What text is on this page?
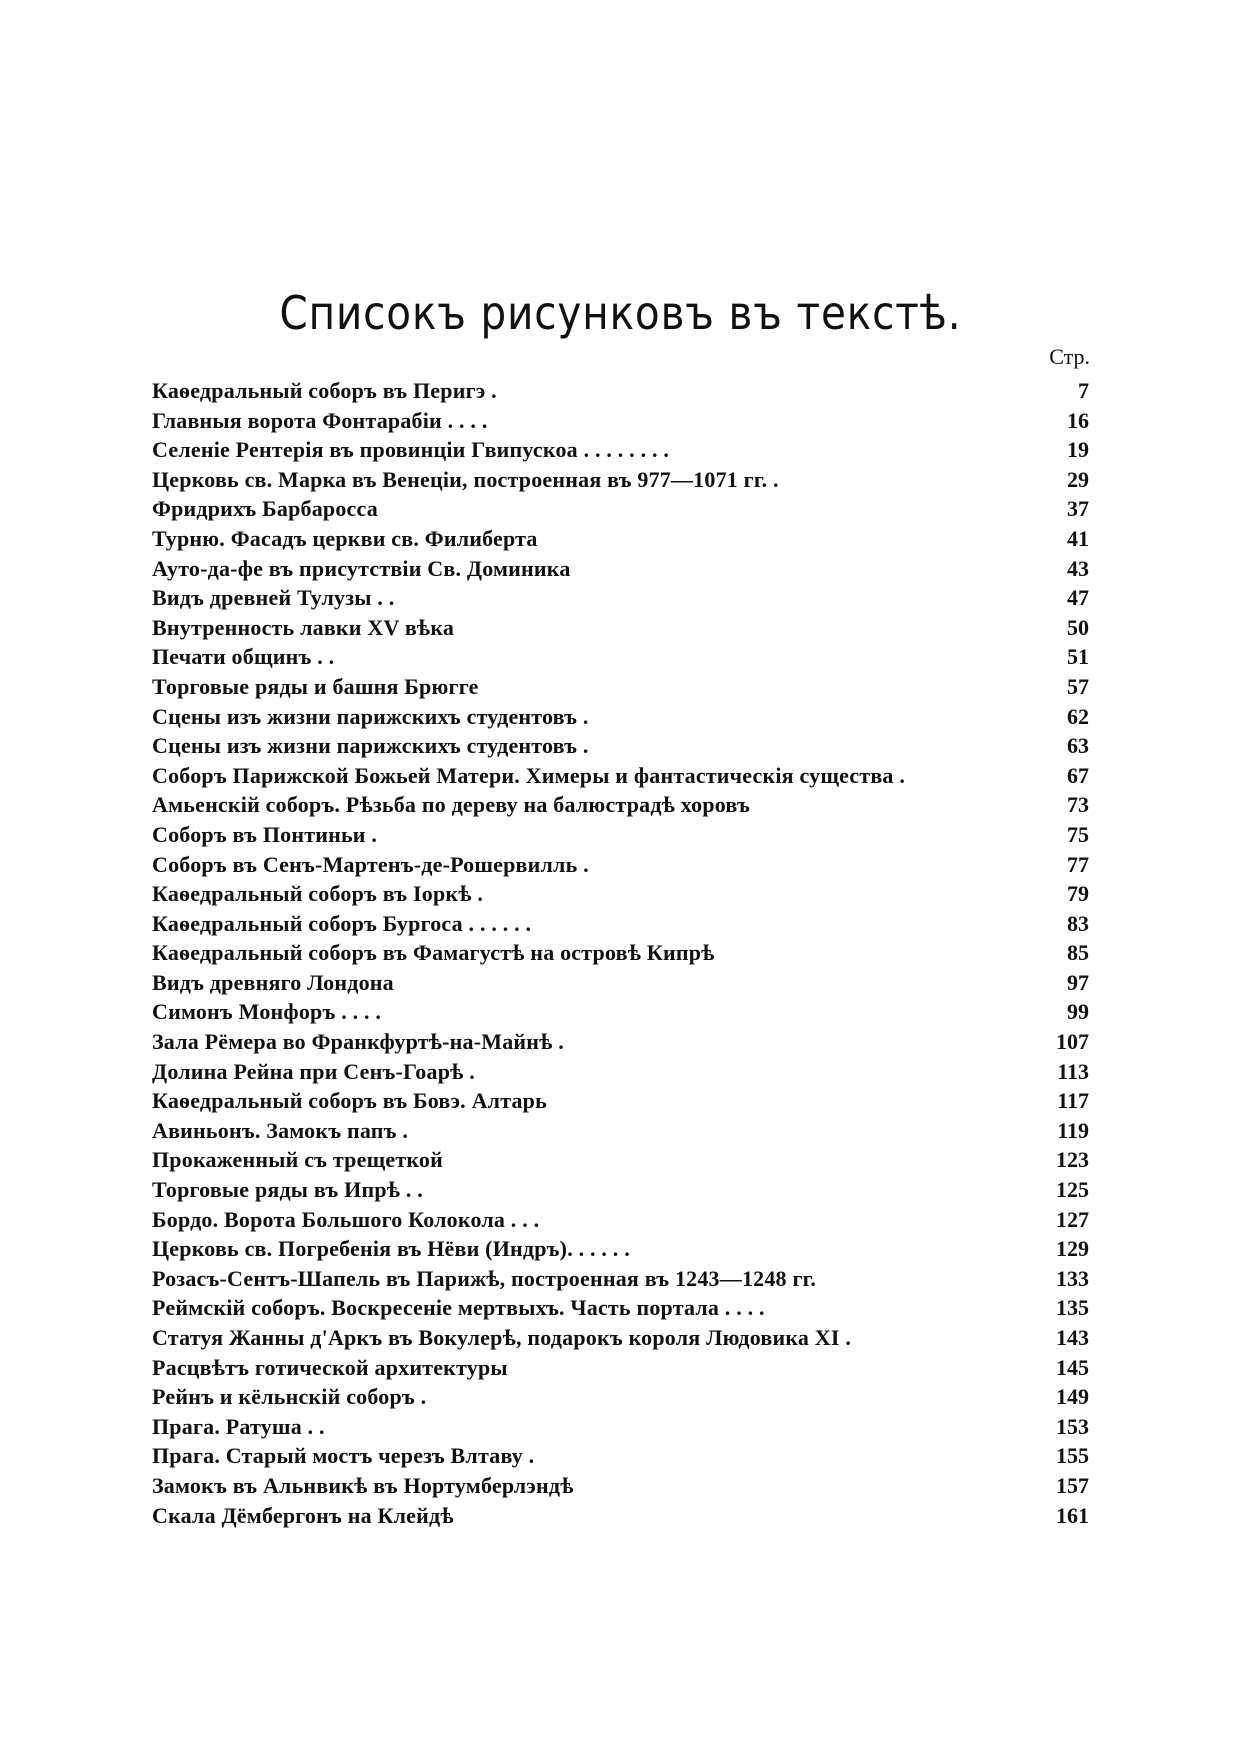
Списокъ рисунковъ въ текстѣ.
Стр.
Каѳедральный соборъ въ Перигэ .	7
Главныя ворота Фонтарабіи . . . .	16
Селеніе Рентерія въ провинціи Гвипускоа . . . . . . . .	19
Церковь св. Марка въ Венеціи, построенная въ 977—1071 гг. .	29
Фридрихъ Барбаросса	37
Турню. Фасадъ церкви св. Филиберта	41
Ауто-да-фе въ присутствіи Св. Доминика	43
Видъ древней Тулузы . .	47
Внутренность лавки XV вѣка	50
Печати общинъ . .	51
Торговые ряды и башня Брюгге	57
Сцены изъ жизни парижскихъ студентовъ .	62
Сцены изъ жизни парижскихъ студентовъ .	63
Соборъ Парижской Божьей Матери. Химеры и фантастическія существа .	67
Амьенскій соборъ. Рѣзьба по дереву на балюстрадѣ хоровъ	73
Соборъ въ Понтиньи .	75
Соборъ въ Сенъ-Мартенъ-де-Рошервилль .	77
Каѳедральный соборъ въ Іоркѣ .	79
Каѳедральный соборъ Бургоса . . . . . .	83
Каѳедральный соборъ въ Фамагустѣ на островѣ Кипрѣ	85
Видъ древняго Лондона	97
Симонъ Монфоръ . . . .	99
Зала Рёмера во Франкфуртѣ-на-Майнѣ .	107
Долина Рейна при Сенъ-Гоарѣ .	113
Каѳедральный соборъ въ Бовэ. Алтарь	117
Авиньонъ. Замокъ папъ .	119
Прокаженный съ трещеткой	123
Торговые ряды въ Ипрѣ . .	125
Бордо. Ворота Большого Колокола . . .	127
Церковь св. Погребенія въ Нёви (Индръ). . . . . .	129
Розасъ-Сентъ-Шапель въ Парижѣ, построенная въ 1243—1248 гг.	133
Реймскій соборъ. Воскресеніе мертвыхъ. Часть портала . . . .	135
Статуя Жанны д'Аркъ въ Вокулерѣ, подарокъ короля Людовика XI .	143
Расцвѣтъ готической архитектуры	145
Рейнъ и кёльнскій соборъ .	149
Прага. Ратуша . .	153
Прага. Старый мостъ черезъ Влтаву .	155
Замокъ въ Альнвикѣ въ Нортумберлэндѣ	157
Скала Дёмбергонъ на Клейдѣ	161
